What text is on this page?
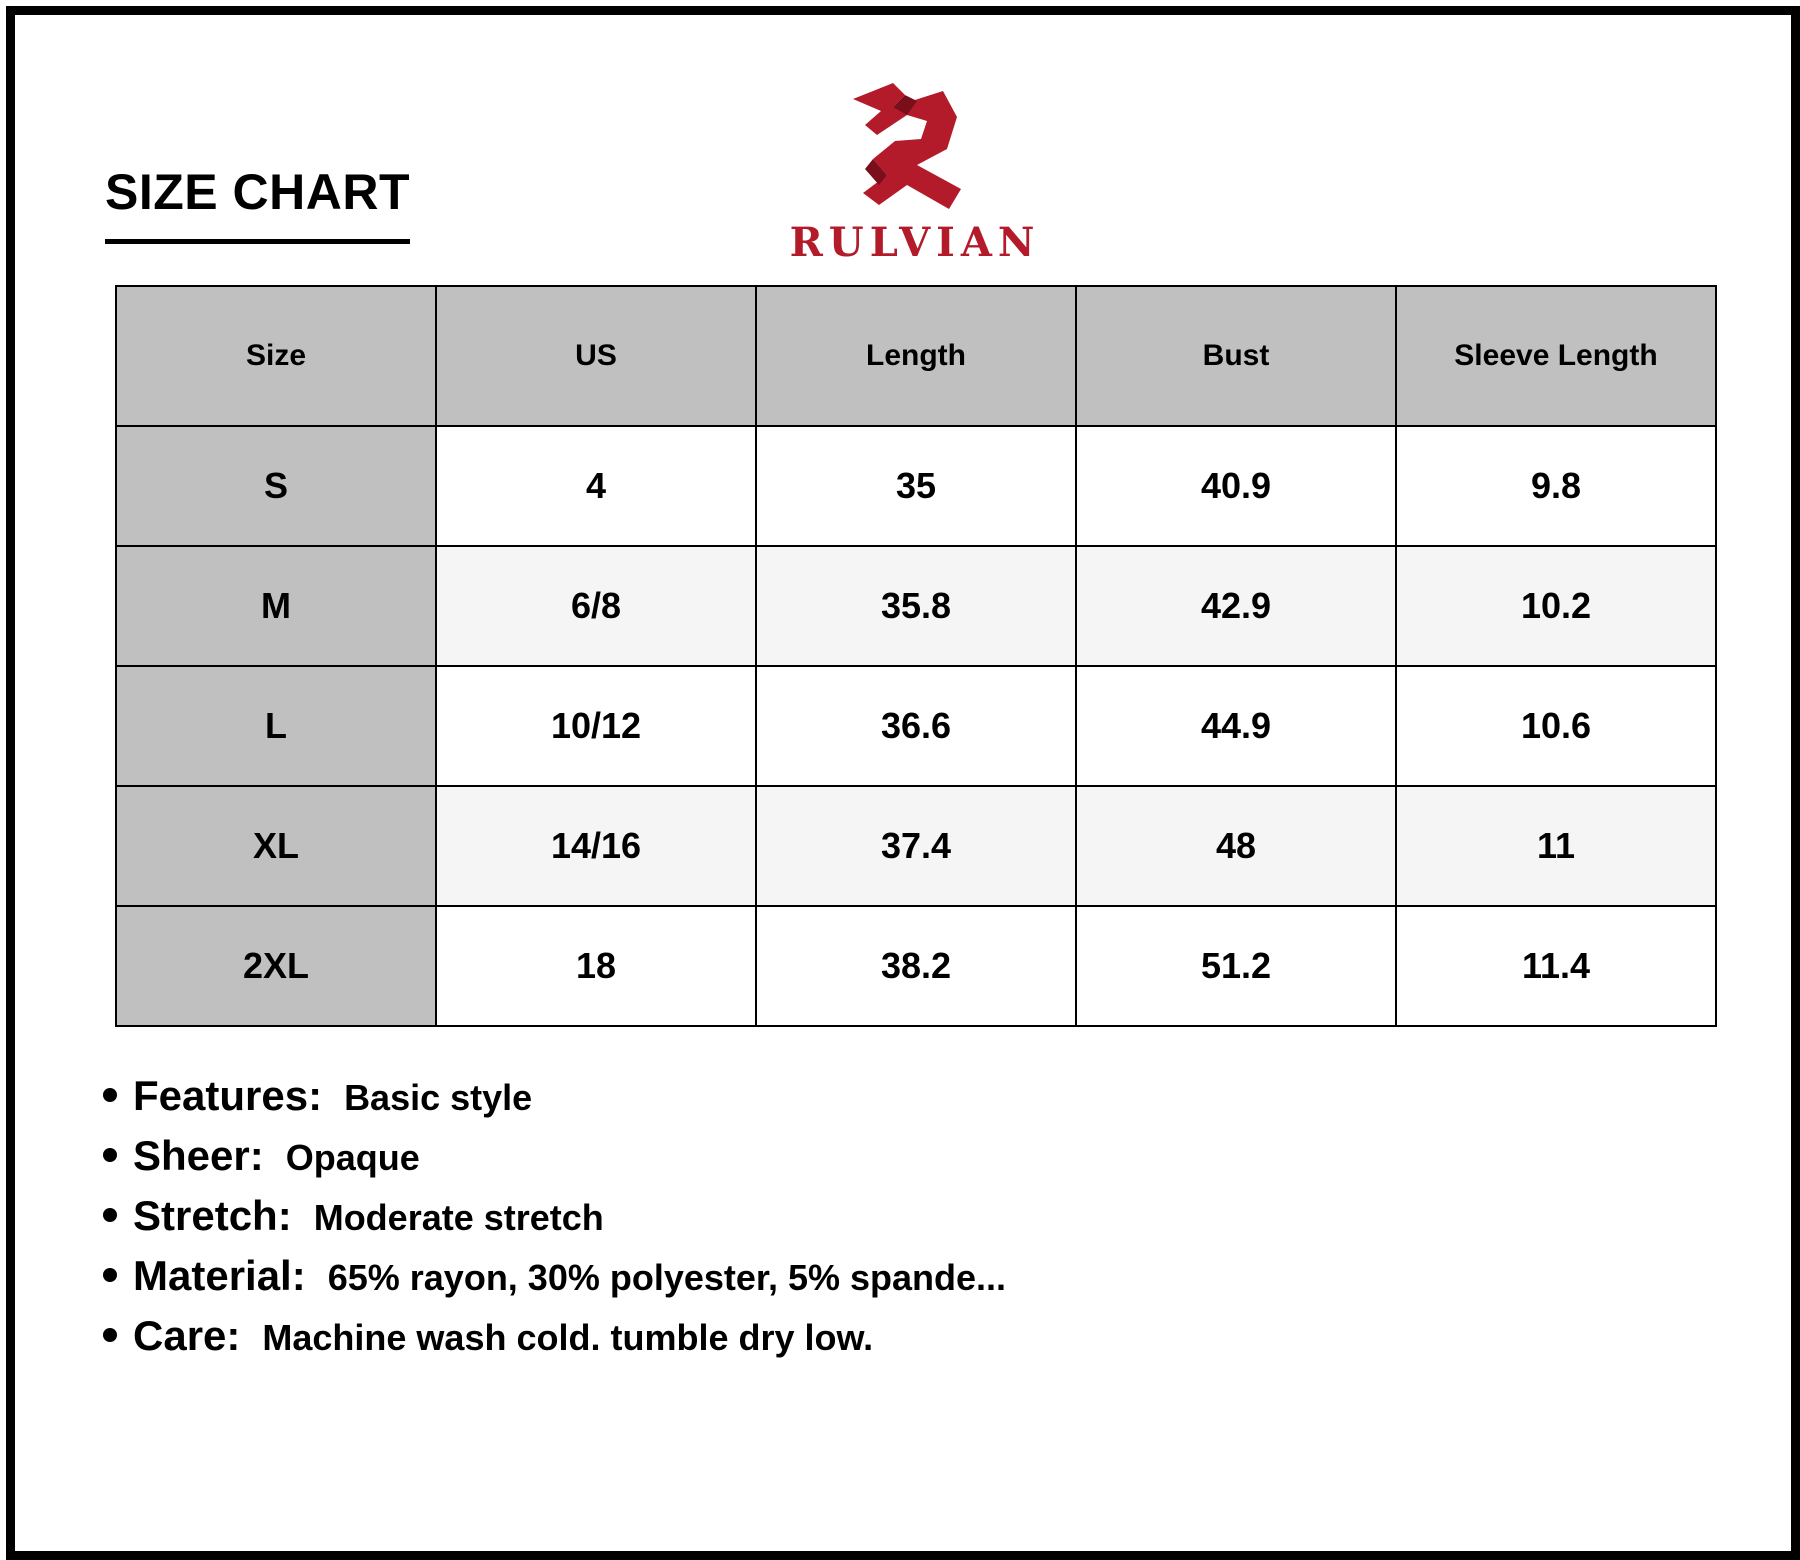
SIZE CHART
RULVIAN
Size	US	Length	Bust	Sleeve Length
S	4	35	40.9	9.8
M	6/8	35.8	42.9	10.2
L	10/12	36.6	44.9	10.6
XL	14/16	37.4	48	11
2XL	18	38.2	51.2	11.4
Features: Basic style
Sheer: Opaque
Stretch: Moderate stretch
Material: 65% rayon, 30% polyester, 5% spande...
Care: Machine wash cold. tumble dry low.
